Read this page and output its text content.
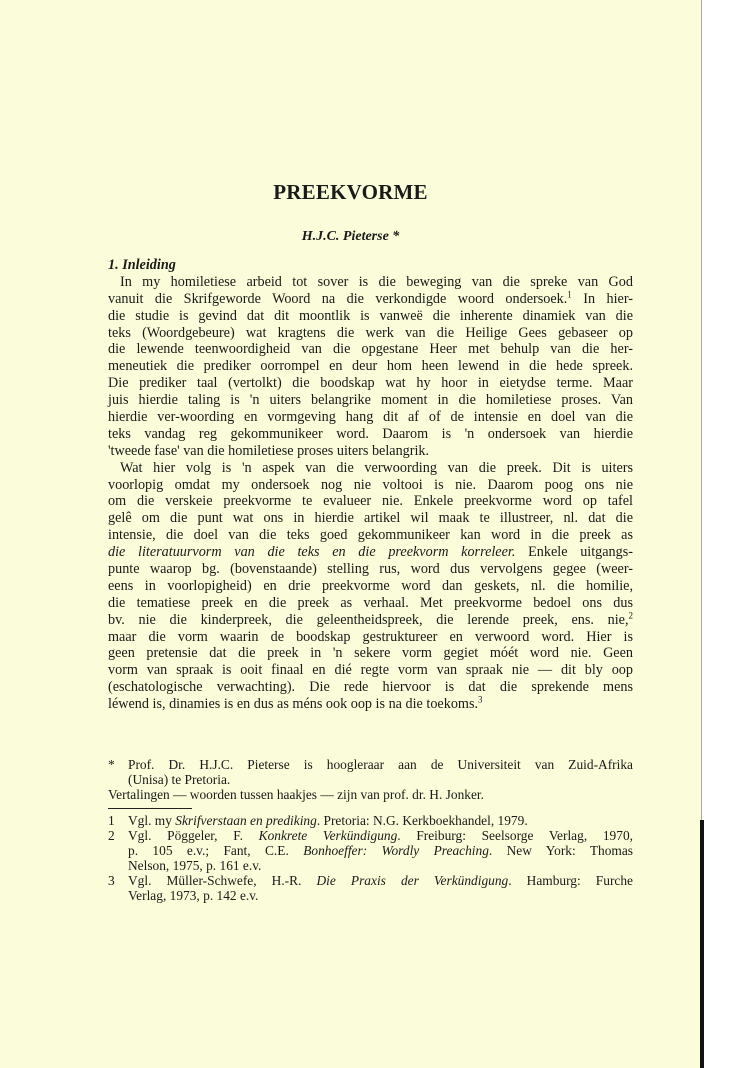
PREEKVORME
H.J.C. Pieterse *
1. Inleiding
In my homiletiese arbeid tot sover is die beweging van die spreke van God
vanuit die Skrifgeworde Woord na die verkondigde woord ondersoek.$^1$ In hier-
die studie is gevind dat dit moontlik is vanweë die inherente dinamiek van die
teks (Woordgebeure) wat kragtens die werk van die Heilige Gees gebaseer op
die lewende teenwoordigheid van die opgestane Heer met behulp van die her-
meneutiek die prediker oorrompel en deur hom heen lewend in die hede spreek.
Die prediker taal (vertolkt) die boodskap wat hy hoor in eietydse terme. Maar
juis hierdie taling is 'n uiters belangrike moment in die homiletiese proses. Van
hierdie ver-woording en vormgeving hang dit af of de intensie en doel van die
teks vandag reg gekommunikeer word. Daarom is 'n ondersoek van hierdie
'tweede fase' van die homiletiese proses uiters belangrik.
Wat hier volg is 'n aspek van die verwoording van die preek. Dit is uiters
voorlopig omdat my ondersoek nog nie voltooi is nie. Daarom poog ons nie
om die verskeie preekvorme te evalueer nie. Enkele preekvorme word op tafel
gelê om die punt wat ons in hierdie artikel wil maak te illustreer, nl. dat die
intensie, die doel van die teks goed gekommunikeer kan word in die preek as
die literatuurvorm van die teks en die preekvorm korreleer. Enkele uitgangs-
punte waarop bg. (bovenstaande) stelling rus, word dus vervolgens gegee (weer-
eens in voorlopigheid) en drie preekvorme word dan geskets, nl. die homilie,
die tematiese preek en die preek as verhaal. Met preekvorme bedoel ons dus
bv. nie die kinderpreek, die geleentheidspreek, die lerende preek, ens. nie,$^2$
maar die vorm waarin de boodskap gestruktureer en verwoord word. Hier is
geen pretensie dat die preek in 'n sekere vorm gegiet móét word nie. Geen
vorm van spraak is ooit finaal en dié regte vorm van spraak nie — dit bly oop
(eschatologische verwachting). Die rede hiervoor is dat die sprekende mens
léwend is, dinamies is en dus as méns ook oop is na die toekoms.$^3$
* Prof. Dr. H.J.C. Pieterse is hoogleraar aan de Universiteit van Zuid-Afrika
(Unisa) te Pretoria.
Vertalingen — woorden tussen haakjes — zijn van prof. dr. H. Jonker.
1 Vgl. my Skrifverstaan en prediking. Pretoria: N.G. Kerkboekhandel, 1979.
2 Vgl. Pöggeler, F. Konkrete Verkündigung. Freiburg: Seelsorge Verlag, 1970,
p. 105 e.v.; Fant, C.E. Bonhoeffer: Wordly Preaching. New York: Thomas
Nelson, 1975, p. 161 e.v.
3 Vgl. Müller-Schwefe, H.-R. Die Praxis der Verkündigung. Hamburg: Furche
Verlag, 1973, p. 142 e.v.
